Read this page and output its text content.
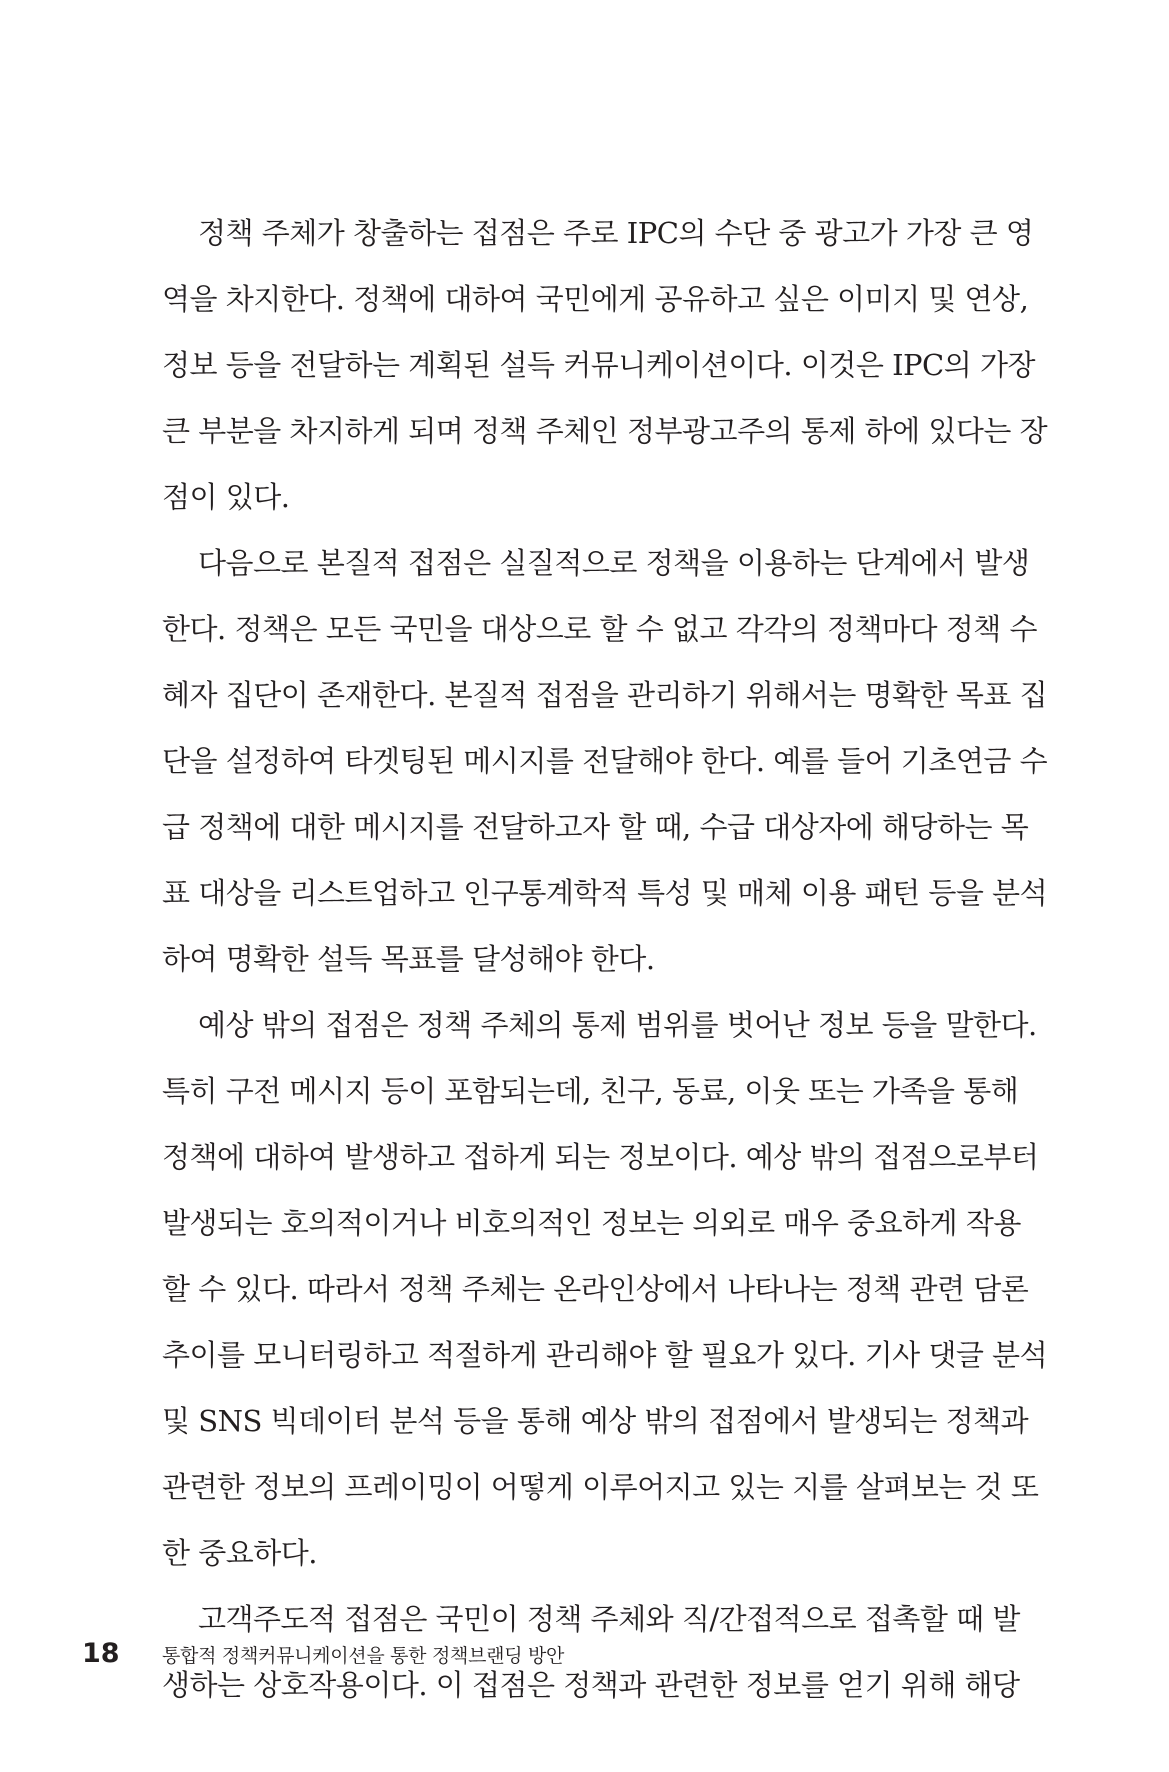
정책 주체가 창출하는 접점은 주로 IPC의 수단 중 광고가 가장 큰 영
역을 차지한다. 정책에 대하여 국민에게 공유하고 싶은 이미지 및 연상,
정보 등을 전달하는 계획된 설득 커뮤니케이션이다. 이것은 IPC의 가장
큰 부분을 차지하게 되며 정책 주체인 정부광고주의 통제 하에 있다는 장
점이 있다.
다음으로 본질적 접점은 실질적으로 정책을 이용하는 단계에서 발생
한다. 정책은 모든 국민을 대상으로 할 수 없고 각각의 정책마다 정책 수
혜자 집단이 존재한다. 본질적 접점을 관리하기 위해서는 명확한 목표 집
단을 설정하여 타겟팅된 메시지를 전달해야 한다. 예를 들어 기초연금 수
급 정책에 대한 메시지를 전달하고자 할 때, 수급 대상자에 해당하는 목
표 대상을 리스트업하고 인구통계학적 특성 및 매체 이용 패턴 등을 분석
하여 명확한 설득 목표를 달성해야 한다.
예상 밖의 접점은 정책 주체의 통제 범위를 벗어난 정보 등을 말한다.
특히 구전 메시지 등이 포함되는데, 친구, 동료, 이웃 또는 가족을 통해
정책에 대하여 발생하고 접하게 되는 정보이다. 예상 밖의 접점으로부터
발생되는 호의적이거나 비호의적인 정보는 의외로 매우 중요하게 작용
할 수 있다. 따라서 정책 주체는 온라인상에서 나타나는 정책 관련 담론
추이를 모니터링하고 적절하게 관리해야 할 필요가 있다. 기사 댓글 분석
및 SNS 빅데이터 분석 등을 통해 예상 밖의 접점에서 발생되는 정책과
관련한 정보의 프레이밍이 어떻게 이루어지고 있는 지를 살펴보는 것 또
한 중요하다.
고객주도적 접점은 국민이 정책 주체와 직/간접적으로 접촉할 때 발
생하는 상호작용이다. 이 접점은 정책과 관련한 정보를 얻기 위해 해당
18 통합적 정책커뮤니케이션을 통한 정책브랜딩 방안
